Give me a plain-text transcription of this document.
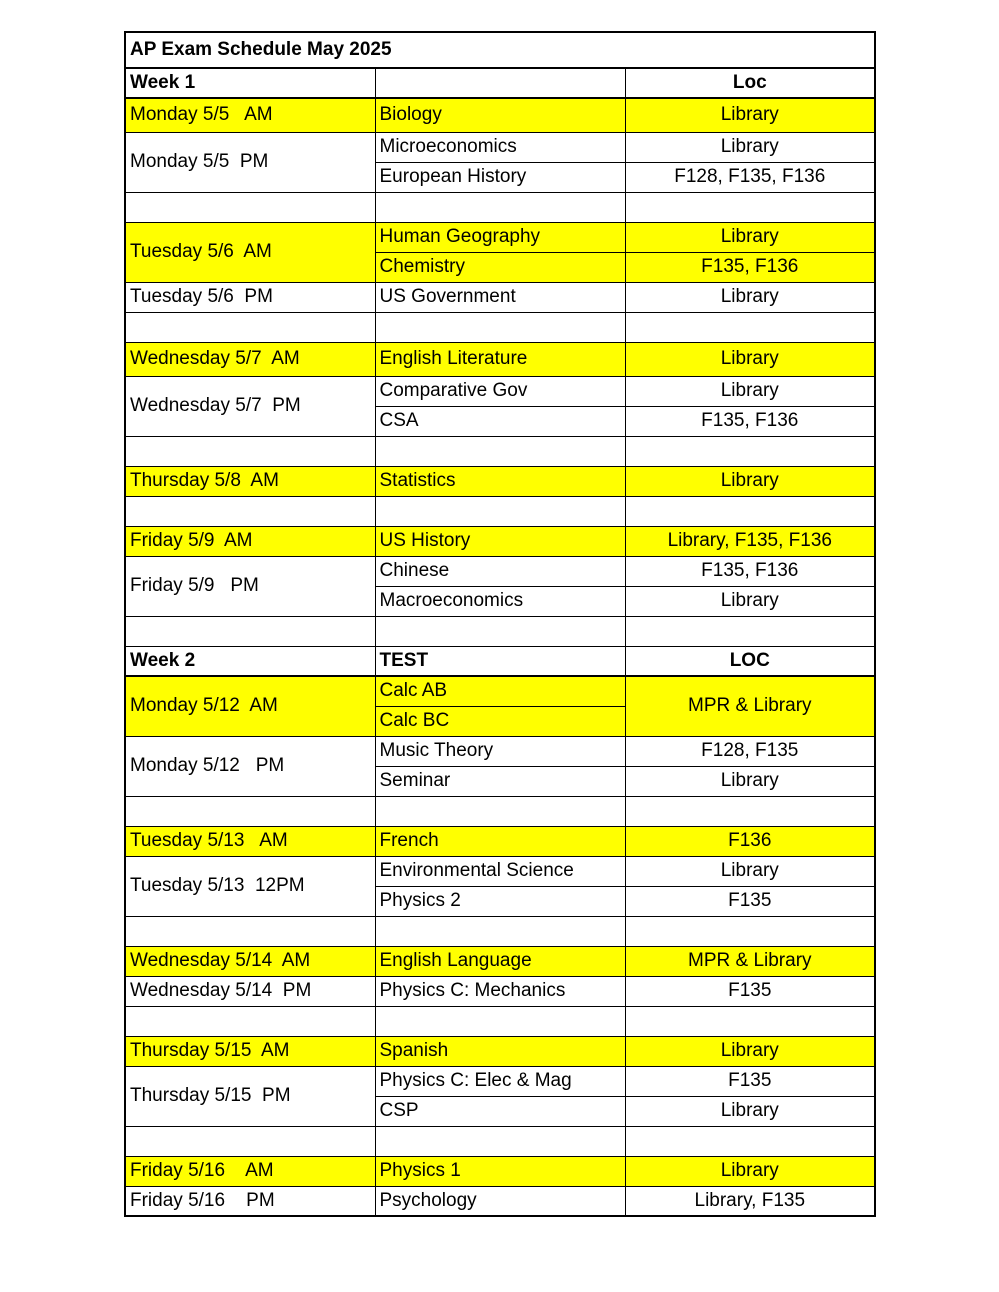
AP Exam Schedule May 2025		
Week 1		Loc
Monday 5/5   AM	Biology	Library
Monday 5/5  PM	Microeconomics	Library
	European History	F128, F135, F136

Tuesday 5/6  AM	Human Geography	Library
	Chemistry	F135, F136
Tuesday 5/6  PM	US Government	Library

Wednesday 5/7  AM	English Literature	Library
Wednesday 5/7  PM	Comparative Gov	Library
	CSA	F135, F136

Thursday 5/8  AM	Statistics	Library

Friday 5/9  AM	US History	Library, F135, F136
Friday 5/9   PM	Chinese	F135, F136
	Macroeconomics	Library

Week 2	TEST	LOC
Monday 5/12  AM	Calc AB	MPR & Library
	Calc BC	
Monday 5/12   PM	Music Theory	F128, F135
	Seminar	Library

Tuesday 5/13   AM	French	F136
Tuesday 5/13  12PM	Environmental Science	Library
	Physics 2	F135

Wednesday 5/14  AM	English Language	MPR & Library
Wednesday 5/14  PM	Physics C: Mechanics	F135

Thursday 5/15  AM	Spanish	Library
Thursday 5/15  PM	Physics C: Elec & Mag	F135
	CSP	Library

Friday 5/16    AM	Physics 1	Library
Friday 5/16    PM	Psychology	Library, F135
